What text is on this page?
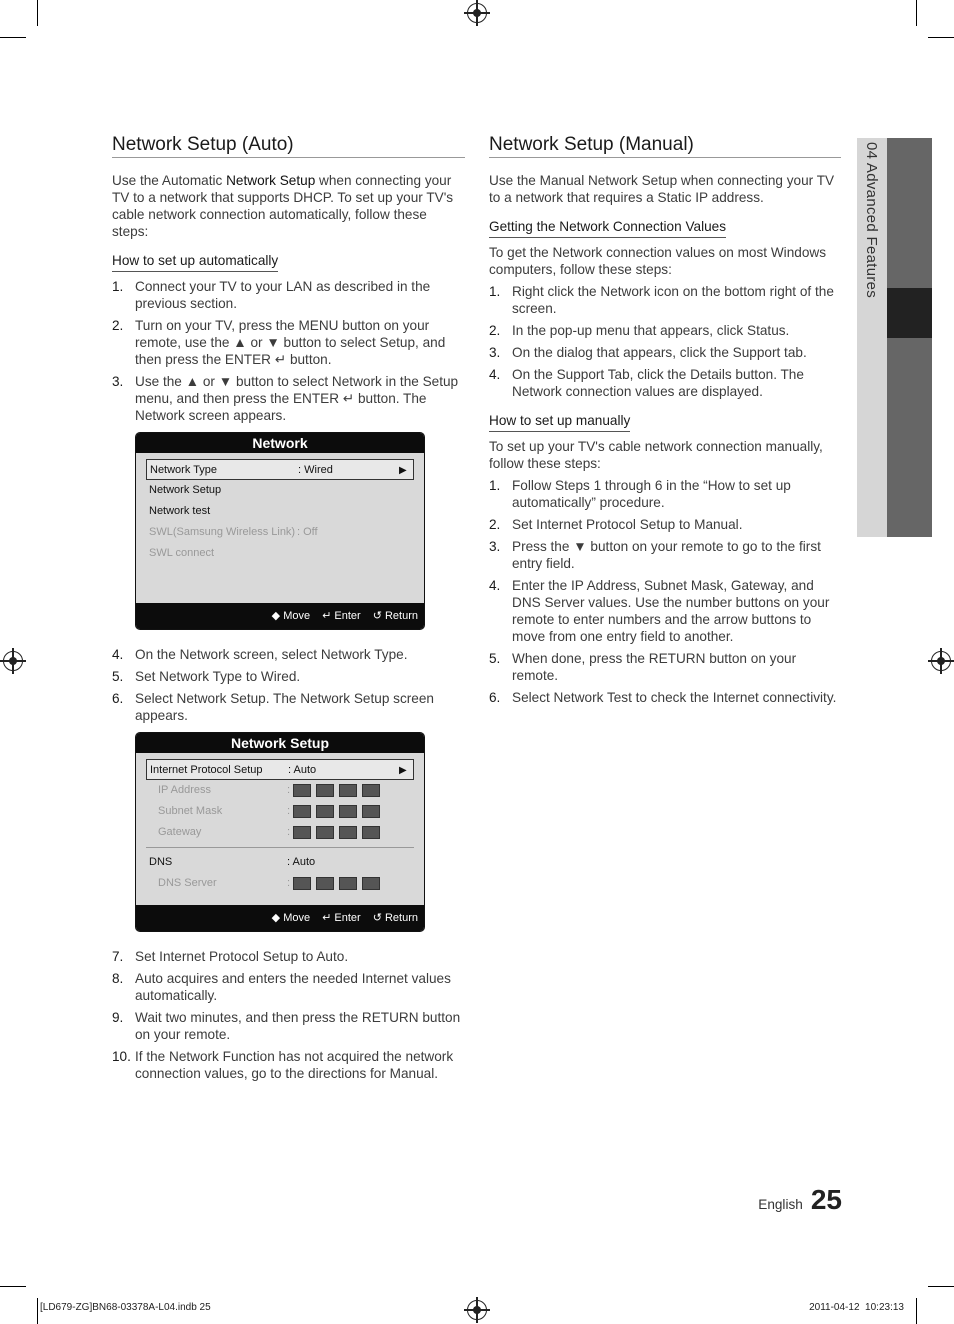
Network Setup (Auto)

Use the Automatic Network Setup when connecting your TV to a network that supports DHCP. To set up your TV's cable network connection automatically, follow these steps:

How to set up automatically
1. Connect your TV to your LAN as described in the previous section.
2. Turn on your TV, press the MENU button on your remote, use the ▲ or ▼ button to select Setup, and then press the ENTER ↵ button.
3. Use the ▲ or ▼ button to select Network in the Setup menu, and then press the ENTER ↵ button. The Network screen appears.
Network
Network Type	: Wired	▶
Network Setup
Network test
SWL(Samsung Wireless Link) : Off
SWL connect
◆ Move ↵ Enter ↺ Return
4. On the Network screen, select Network Type.
5. Set Network Type to Wired.
6. Select Network Setup. The Network Setup screen appears.
Network Setup
Internet Protocol Setup	: Auto	▶
IP Address	:
Subnet Mask	:
Gateway	:
DNS	: Auto
DNS Server	:
◆ Move ↵ Enter ↺ Return
7. Set Internet Protocol Setup to Auto.
8. Auto acquires and enters the needed Internet values automatically.
9. Wait two minutes, and then press the RETURN button on your remote.
10. If the Network Function has not acquired the network connection values, go to the directions for Manual.
Network Setup (Manual)

Use the Manual Network Setup when connecting your TV to a network that requires a Static IP address.

Getting the Network Connection Values

To get the Network connection values on most Windows computers, follow these steps:

1. Right click the Network icon on the bottom right of the screen.
2. In the pop-up menu that appears, click Status.
3. On the dialog that appears, click the Support tab.
4. On the Support Tab, click the Details button. The Network connection values are displayed.
How to set up manually

To set up your TV's cable network connection manually, follow these steps:

1. Follow Steps 1 through 6 in the “How to set up automatically” procedure.
2. Set Internet Protocol Setup to Manual.
3. Press the ▼ button on your remote to go to the first entry field.
4. Enter the IP Address, Subnet Mask, Gateway, and DNS Server values. Use the number buttons on your remote to enter numbers and the arrow buttons to move from one entry field to another.
5. When done, press the RETURN button on your remote.
6. Select Network Test to check the Internet connectivity.
04 Advanced Features
English 25
[LD679-ZG]BN68-03378A-L04.indb 25	2011-04-12 ︎ 10:23:13
